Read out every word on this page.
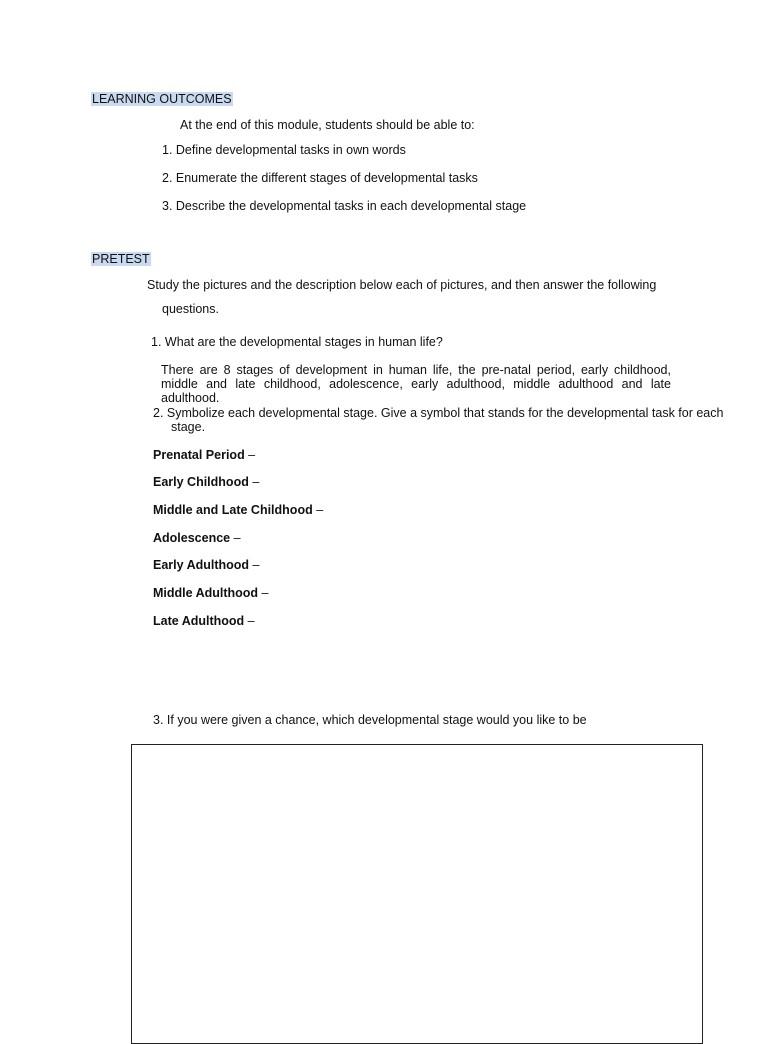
LEARNING OUTCOMES
At the end of this module, students should be able to:
1. Define developmental tasks in own words
2. Enumerate the different stages of developmental tasks
3. Describe the developmental tasks in each developmental stage
PRETEST
Study the pictures and the description below each of pictures, and then answer the following
questions.
1. What are the developmental stages in human life?
There are 8 stages of development in human life, the pre-natal period, early childhood, middle and late childhood, adolescence, early adulthood, middle adulthood and late adulthood.
2. Symbolize each developmental stage. Give a symbol that stands for the developmental task for each
stage.
Prenatal Period –
Early Childhood –
Middle and Late Childhood –
Adolescence –
Early Adulthood –
Middle Adulthood –
Late Adulthood –
3. If you were given a chance, which developmental stage would you like to be
